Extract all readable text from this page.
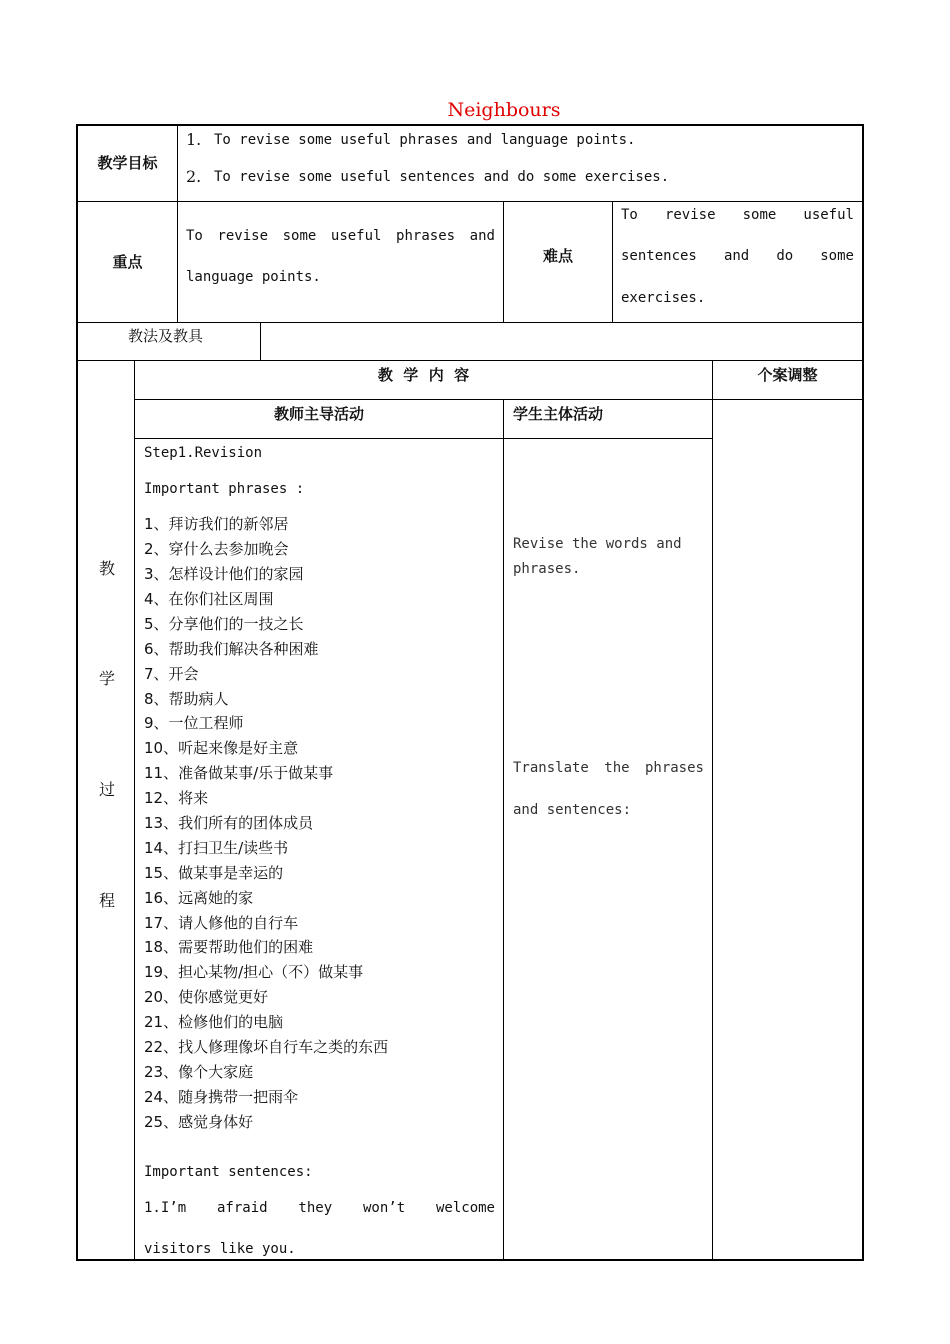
Neighbours
教学目标
1. To revise some useful phrases and language points.
2. To revise some useful sentences and do some exercises.
重点
To revise some useful phrases and
language points.
难点
To revise some useful
sentences and do some
exercises.
教法及教具
教
学
过
程
教  学  内  容	个案调整
教师主导活动	学生主体活动
Step1.Revision
Important phrases :
1、拜访我们的新邻居
2、穿什么去参加晚会
3、怎样设计他们的家园
4、在你们社区周围
5、分享他们的一技之长
6、帮助我们解决各种困难
7、开会
8、帮助病人
9、一位工程师
10、听起来像是好主意
11、准备做某事/乐于做某事
12、将来
13、我们所有的团体成员
14、打扫卫生/读些书
15、做某事是幸运的
16、远离她的家
17、请人修他的自行车
18、需要帮助他们的困难
19、担心某物/担心（不）做某事
20、使你感觉更好
21、检修他们的电脑
22、找人修理像坏自行车之类的东西
23、像个大家庭
24、随身携带一把雨伞
25、感觉身体好
Important sentences:
1.I’m afraid they won’t welcome
visitors like you.
Revise the words and
phrases.
Translate the phrases
and sentences:
